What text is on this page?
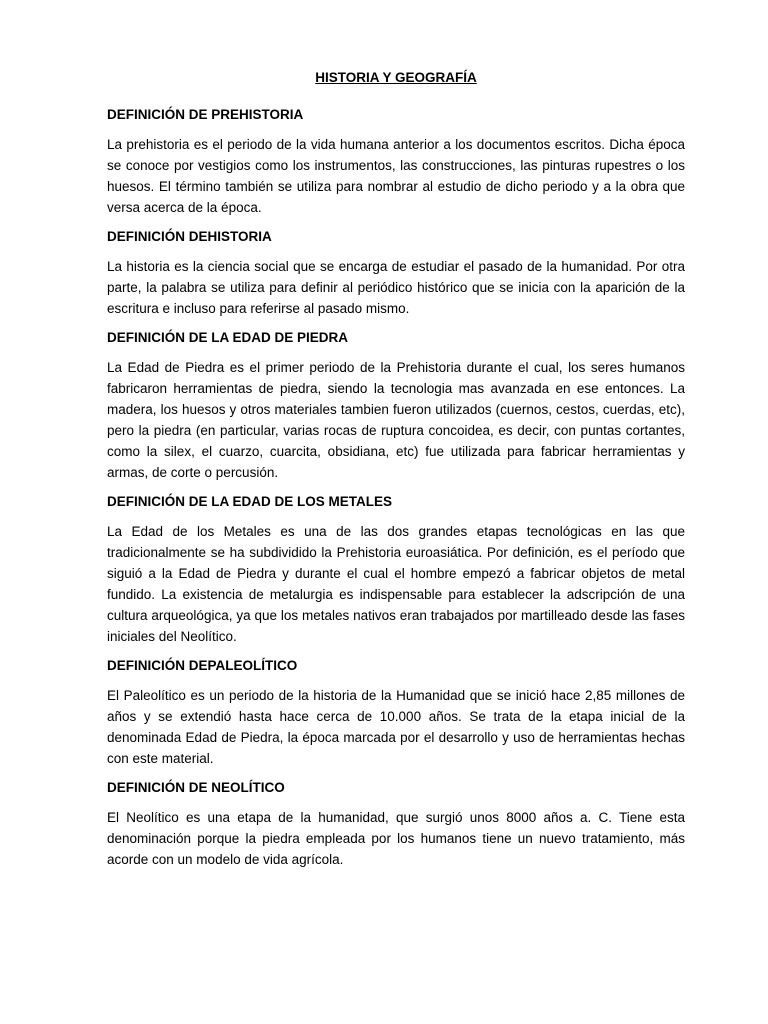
HISTORIA Y GEOGRAFÍA
DEFINICIÓN DE PREHISTORIA

La prehistoria es el periodo de la vida humana anterior a los documentos escritos. Dicha época se conoce por vestigios como los instrumentos, las construcciones, las pinturas rupestres o los huesos. El término también se utiliza para nombrar al estudio de dicho periodo y a la obra que versa acerca de la época.

DEFINICIÓN DEHISTORIA

La historia es la ciencia social que se encarga de estudiar el pasado de la humanidad. Por otra parte, la palabra se utiliza para definir al periódico histórico que se inicia con la aparición de la escritura e incluso para referirse al pasado mismo.

DEFINICIÓN DE LA EDAD DE PIEDRA

La Edad de Piedra es el primer periodo de la Prehistoria durante el cual, los seres humanos fabricaron herramientas de piedra, siendo la tecnologia mas avanzada en ese entonces. La madera, los huesos y otros materiales tambien fueron utilizados (cuernos, cestos, cuerdas, etc), pero la piedra (en particular, varias rocas de ruptura concoidea, es decir, con puntas cortantes, como la silex, el cuarzo, cuarcita, obsidiana, etc) fue utilizada para fabricar herramientas y armas, de corte o percusión.

DEFINICIÓN DE LA EDAD DE LOS METALES

La Edad de los Metales es una de las dos grandes etapas tecnológicas en las que tradicionalmente se ha subdividido la Prehistoria euroasiática. Por definición, es el período que siguió a la Edad de Piedra y durante el cual el hombre empezó a fabricar objetos de metal fundido. La existencia de metalurgia es indispensable para establecer la adscripción de una cultura arqueológica, ya que los metales nativos eran trabajados por martilleado desde las fases iniciales del Neolítico.

DEFINICIÓN DEPALEOLÍTICO

El Paleolítico es un periodo de la historia de la Humanidad que se inició hace 2,85 millones de años y se extendió hasta hace cerca de 10.000 años. Se trata de la etapa inicial de la denominada Edad de Piedra, la época marcada por el desarrollo y uso de herramientas hechas con este material.

DEFINICIÓN DE NEOLÍTICO

El Neolítico es una etapa de la humanidad, que surgió unos 8000 años a. C. Tiene esta denominación porque la piedra empleada por los humanos tiene un nuevo tratamiento, más acorde con un modelo de vida agrícola.
